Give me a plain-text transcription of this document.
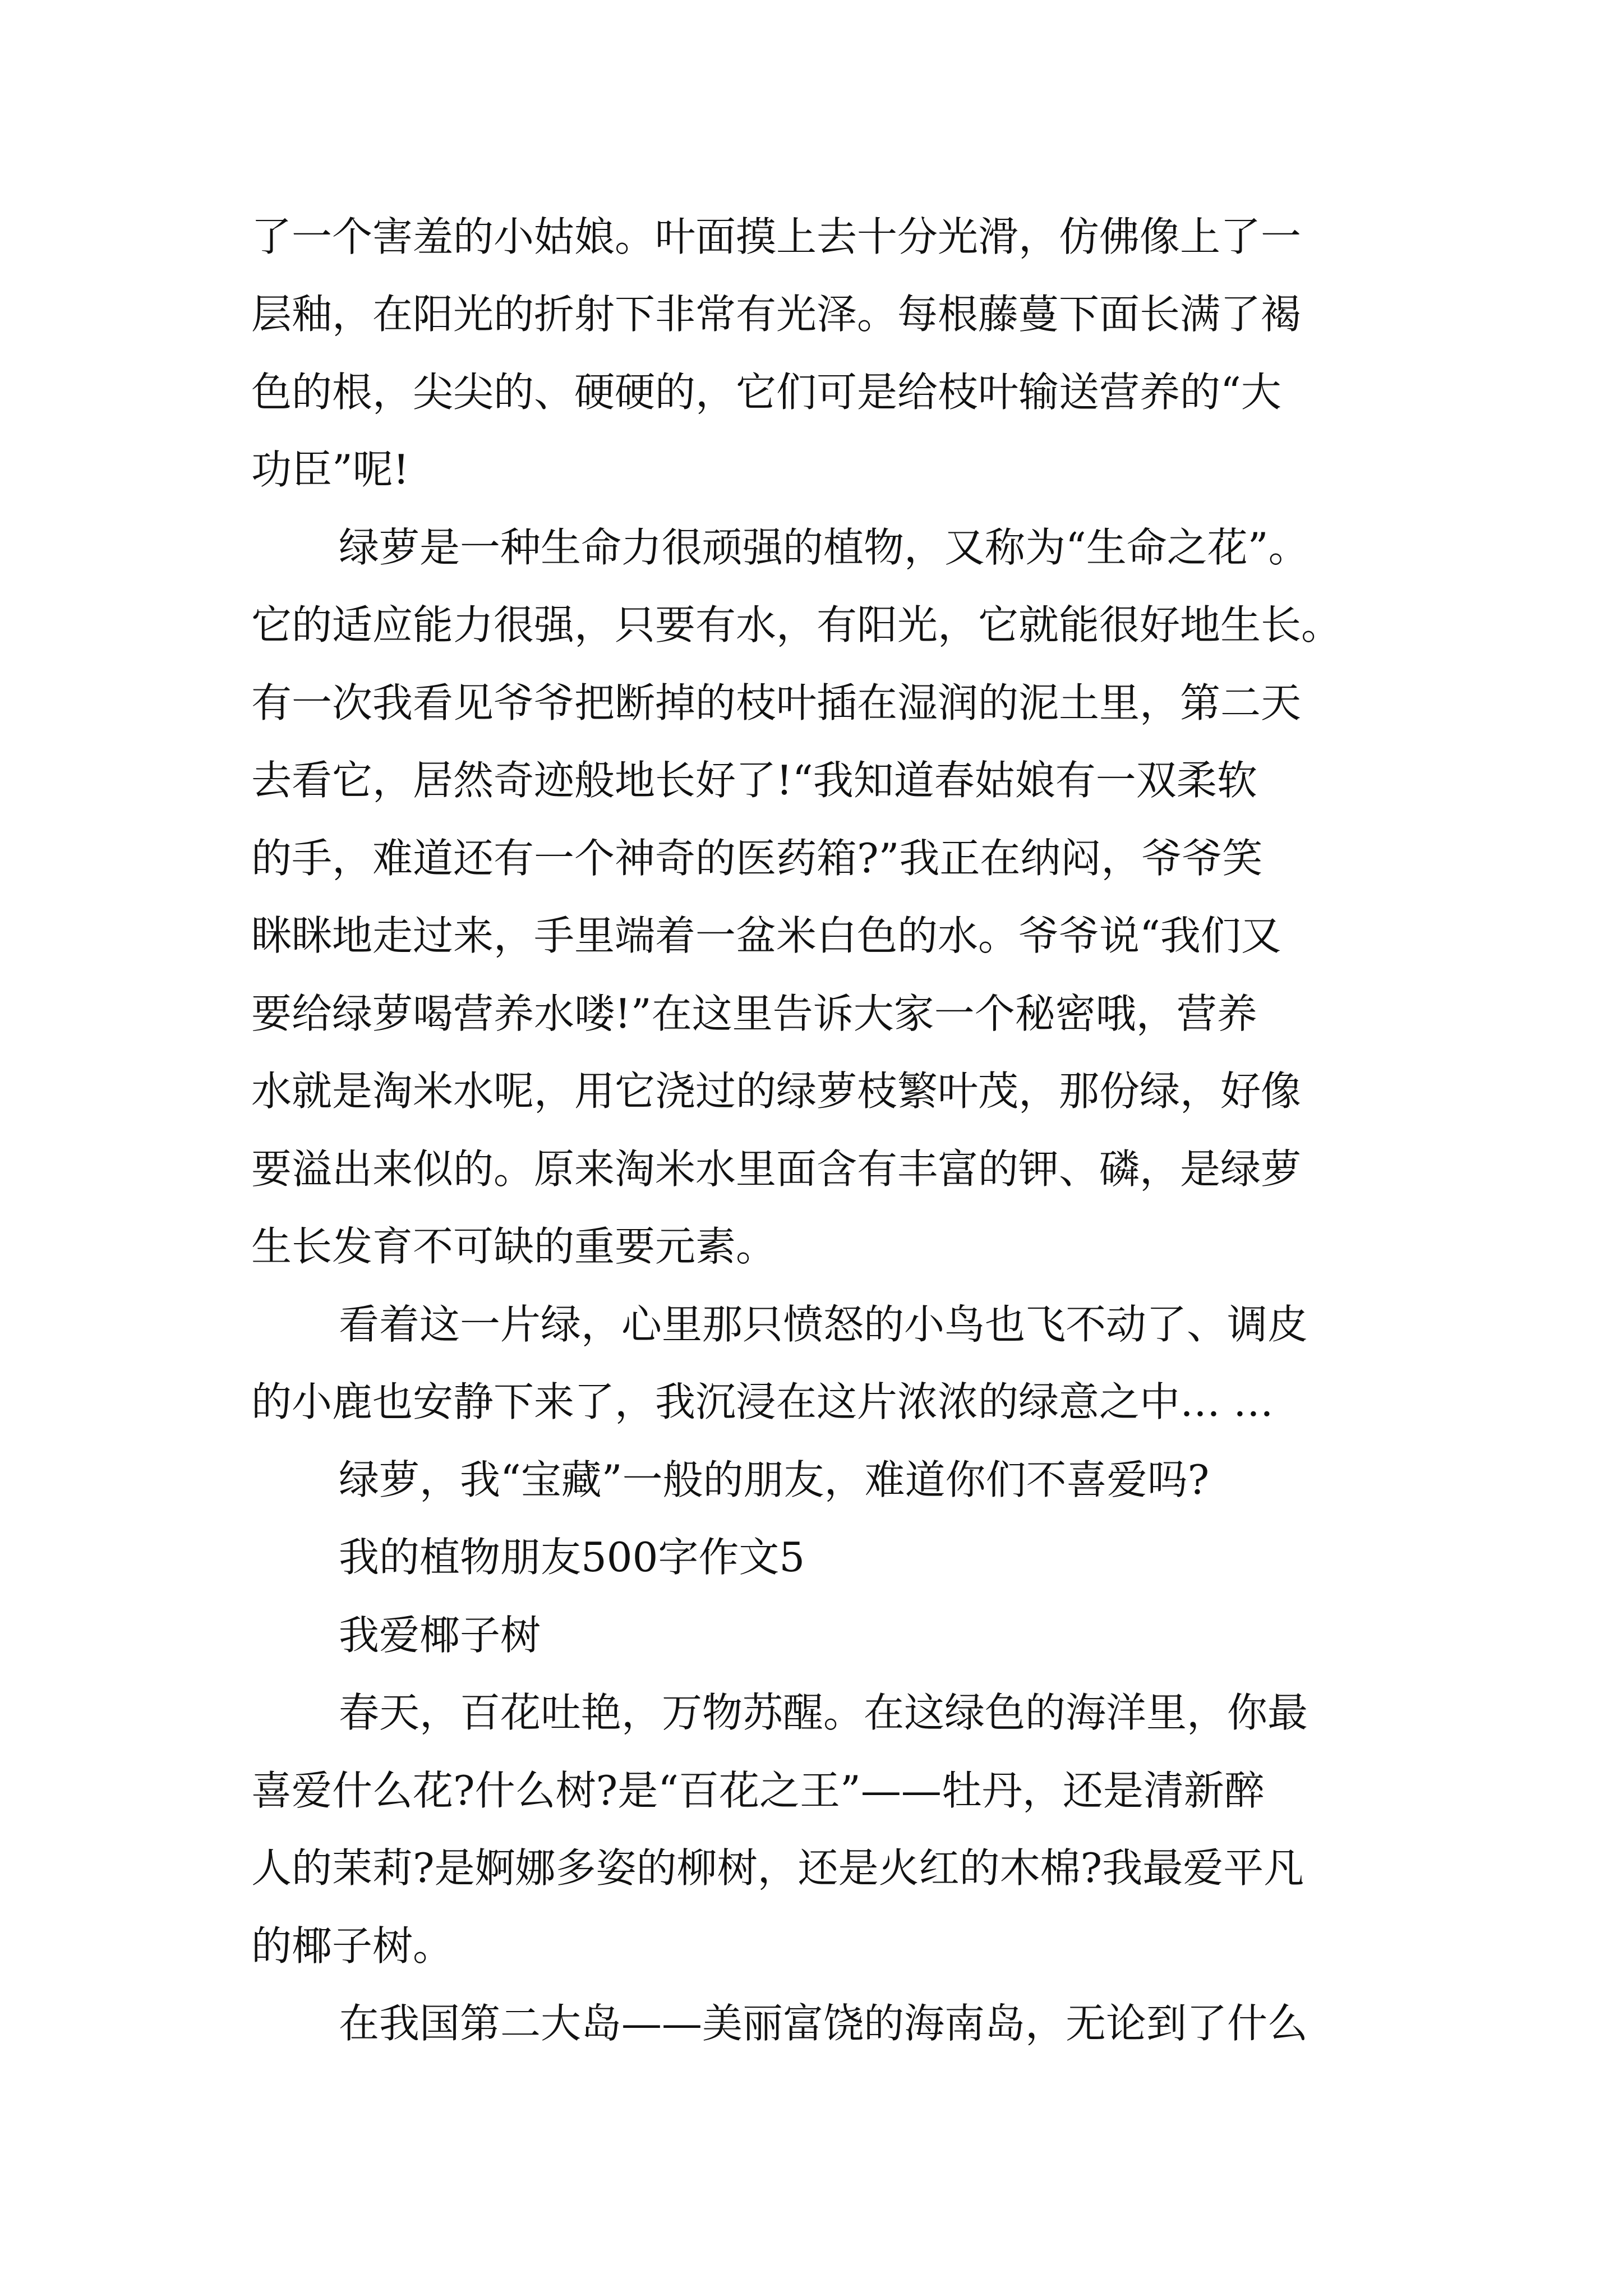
了一个害羞的小姑娘。叶面摸上去十分光滑，仿佛像上了一
层釉，在阳光的折射下非常有光泽。每根藤蔓下面长满了褐
色的根，尖尖的、硬硬的，它们可是给枝叶输送营养的“大
功臣”呢!
绿萝是一种生命力很顽强的植物，又称为“生命之花”。
它的适应能力很强，只要有水，有阳光，它就能很好地生长。
有一次我看见爷爷把断掉的枝叶插在湿润的泥土里，第二天
去看它，居然奇迹般地长好了!“我知道春姑娘有一双柔软
的手，难道还有一个神奇的医药箱?”我正在纳闷，爷爷笑
眯眯地走过来，手里端着一盆米白色的水。爷爷说“我们又
要给绿萝喝营养水喽!”在这里告诉大家一个秘密哦，营养
水就是淘米水呢，用它浇过的绿萝枝繁叶茂，那份绿，好像
要溢出来似的。原来淘米水里面含有丰富的钾、磷，是绿萝
生长发育不可缺的重要元素。
看着这一片绿，心里那只愤怒的小鸟也飞不动了、调皮
的小鹿也安静下来了，我沉浸在这片浓浓的绿意之中… …
绿萝，我“宝藏”一般的朋友，难道你们不喜爱吗?
我的植物朋友500字作文5
我爱椰子树
春天，百花吐艳，万物苏醒。在这绿色的海洋里，你最
喜爱什么花?什么树?是“百花之王”——牡丹，还是清新醉
人的茉莉?是婀娜多姿的柳树，还是火红的木棉?我最爱平凡
的椰子树。
在我国第二大岛——美丽富饶的海南岛，无论到了什么
